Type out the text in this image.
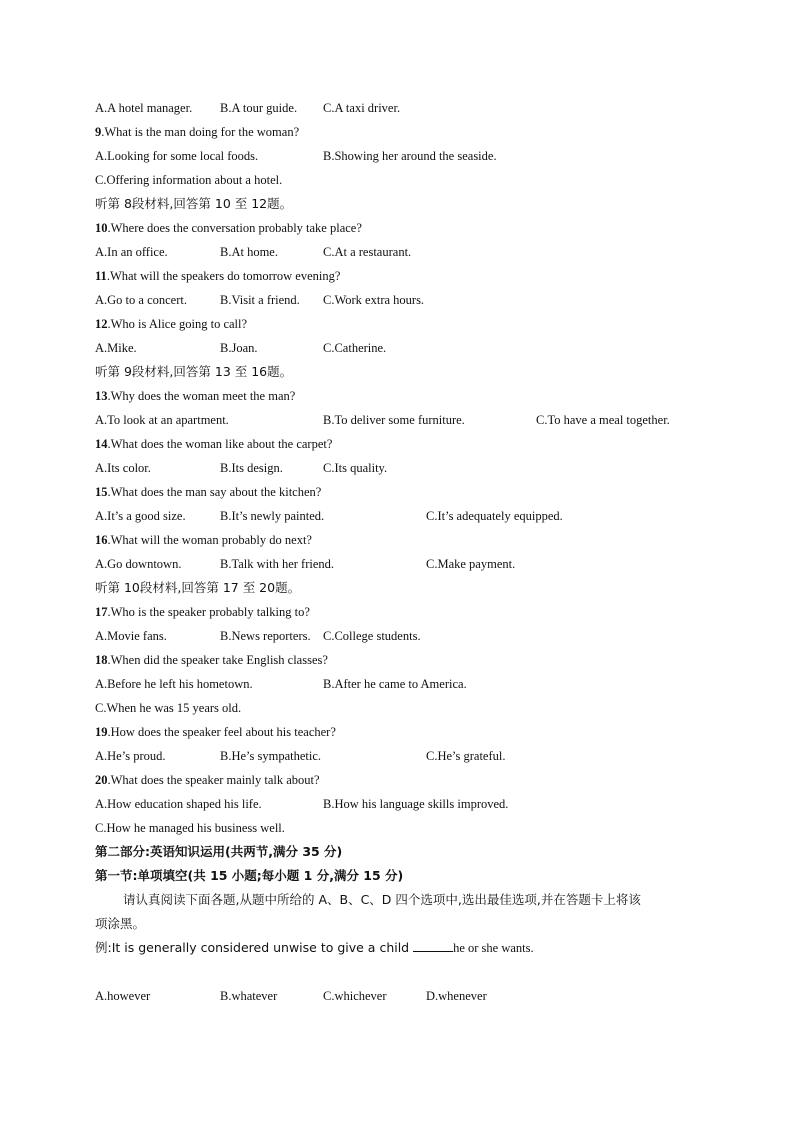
A.A hotel manager. B.A tour guide. C.A taxi driver.
9.What is the man doing for the woman?
A.Looking for some local foods.	B.Showing her around the seaside.
C.Offering information about a hotel.
听第 8段材料,回答第 10 至 12题。
10.Where does the conversation probably take place?
A.In an office.	B.At home.	C.At a restaurant.
11.What will the speakers do tomorrow evening?
A.Go to a concert.	B.Visit a friend. C.Work extra hours.
12.Who is Alice going to call?
A.Mike.	B.Joan.	C.Catherine.
听第 9段材料,回答第 13 至 16题。
13.Why does the woman meet the man?
A.To look at an apartment.	B.To deliver some furniture.	C.To have a meal together.
14.What does the woman like about the carpet?
A.Its color.	B.Its design.	C.Its quality.
15.What does the man say about the kitchen?
A.It’s a good size.	B.It’s newly painted.	C.It’s adequately equipped.
16.What will the woman probably do next?
A.Go downtown.	B.Talk with her friend.	C.Make payment.
听第 10段材料,回答第 17 至 20题。
17.Who is the speaker probably talking to?
A.Movie fans.	B.News reporters. C.College students.
18.When did the speaker take English classes?
A.Before he left his hometown.	B.After he came to America.
C.When he was 15 years old.
19.How does the speaker feel about his teacher?
A.He’s proud.	B.He’s sympathetic.	C.He’s grateful.
20.What does the speaker mainly talk about?
A.How education shaped his life.	B.How his language skills improved.
C.How he managed his business well.
第二部分:英语知识运用(共两节,满分 35 分)
第一节:单项填空(共 15 小题;每小题 1 分,满分 15 分)
请认真阅读下面各题,从题中所给的 A、B、C、D 四个选项中,选出最佳选项,并在答题卡上将该
项涂黑。
例:It is generally considered unwise to give a child	he or she wants.
A.however	B.whatever	C.whichever	D.whenever
